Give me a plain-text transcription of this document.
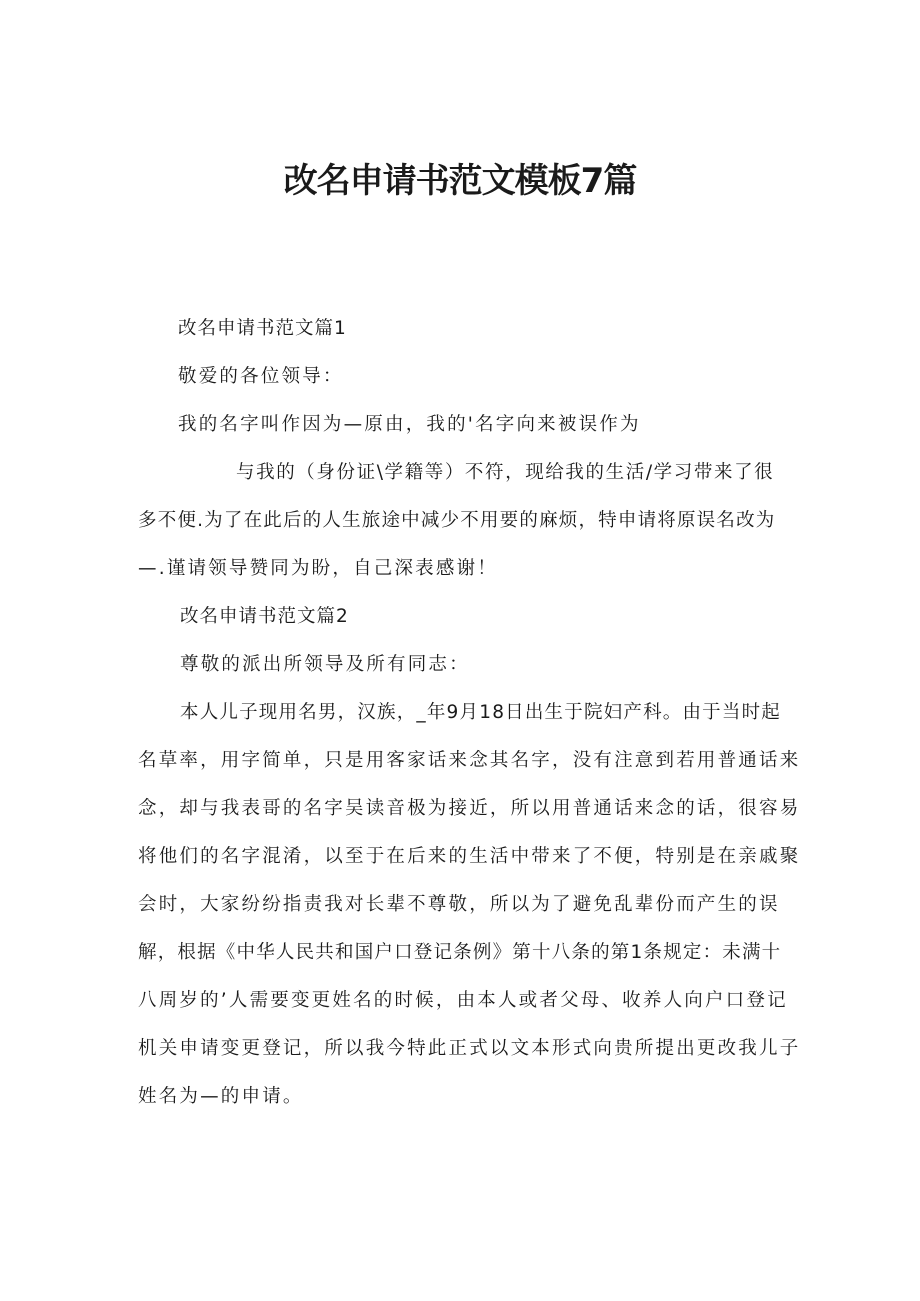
改名申请书范文模板7篇

改名申请书范文篇1

敬爱的各位领导：

我的名字叫作因为—原由，我的'名字向来被误作为

与我的（身份证\学籍等）不符，现给我的生活/学习带来了很

多不便.为了在此后的人生旅途中减少不用要的麻烦，特申请将原误名改为

—.谨请领导赞同为盼，自己深表感谢！

改名申请书范文篇2

尊敬的派出所领导及所有同志：

本人儿子现用名男，汉族，_年9月18日出生于院妇产科。由于当时起

名草率，用字简单，只是用客家话来念其名字，没有注意到若用普通话来

念，却与我表哥的名字吴读音极为接近，所以用普通话来念的话，很容易

将他们的名字混淆，以至于在后来的生活中带来了不便，特别是在亲戚聚

会时，大家纷纷指责我对长辈不尊敬，所以为了避免乱辈份而产生的误

解，根据《中华人民共和国户口登记条例》第十八条的第1条规定：未满十

八周岁的’人需要变更姓名的时候，由本人或者父母、收养人向户口登记

机关申请变更登记，所以我今特此正式以文本形式向贵所提出更改我儿子

姓名为—的申请。
